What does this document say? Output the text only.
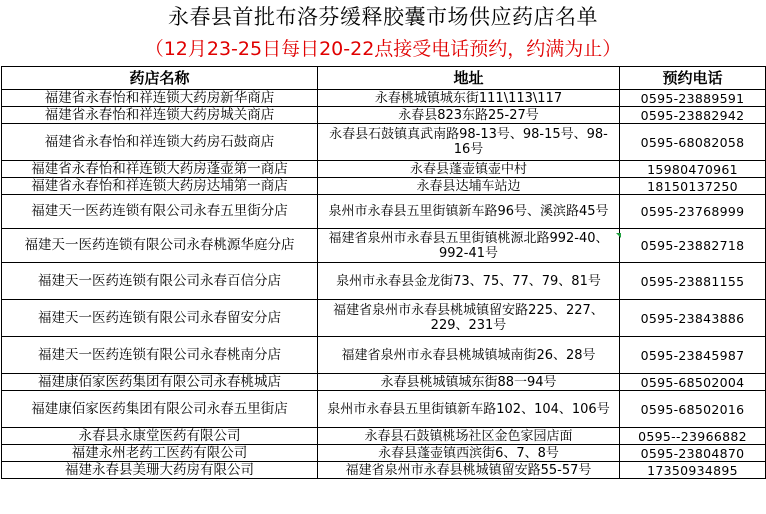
永春县首批布洛芬缓释胶囊市场供应药店名单
（12月23-25日每日20-22点接受电话预约，约满为止）
药店名称	地址	预约电话
福建省永春怡和祥连锁大药房新华商店	永春桃城镇城东街111\113\117	0595-23889591
福建省永春怡和祥连锁大药房城关商店	永春县823东路25-27号	0595-23882942
福建省永春怡和祥连锁大药房石鼓商店	永春县石鼓镇真武南路98-13号、98-15号、98-16号	0595-68082058
福建省永春怡和祥连锁大药房蓬壶第一商店	永春县蓬壶镇壶中村	15980470961
福建省永春怡和祥连锁大药房达埔第一商店	永春县达埔车站边	18150137250
福建天一医药连锁有限公司永春五里街分店	泉州市永春县五里街镇新车路96号、溪滨路45号	0595-23768999
福建天一医药连锁有限公司永春桃源华庭分店	福建省泉州市永春县五里街镇桃源北路992-40、992-41号	0595-23882718
福建天一医药连锁有限公司永春百信分店	泉州市永春县金龙街73、75、77、79、81号	0595-23881155
福建天一医药连锁有限公司永春留安分店	福建省泉州市永春县桃城镇留安路225、227、229、231号	0595-23843886
福建天一医药连锁有限公司永春桃南分店	福建省泉州市永春县桃城镇城南街26、28号	0595-23845987
福建康佰家医药集团有限公司永春桃城店	永春县桃城镇城东街88一94号	0595-68502004
福建康佰家医药集团有限公司永春五里街店	泉州市永春县五里街镇新车路102、104、106号	0595-68502016
永春县永康堂医药有限公司	永春县石鼓镇桃场社区金色家园店面	0595--23966882
福建永州老药工医药有限公司	永春县蓬壶镇西滨街6、7、8号	0595-23804870
福建永春县美珊大药房有限公司	福建省泉州市永春县桃城镇留安路55-57号	17350934895
